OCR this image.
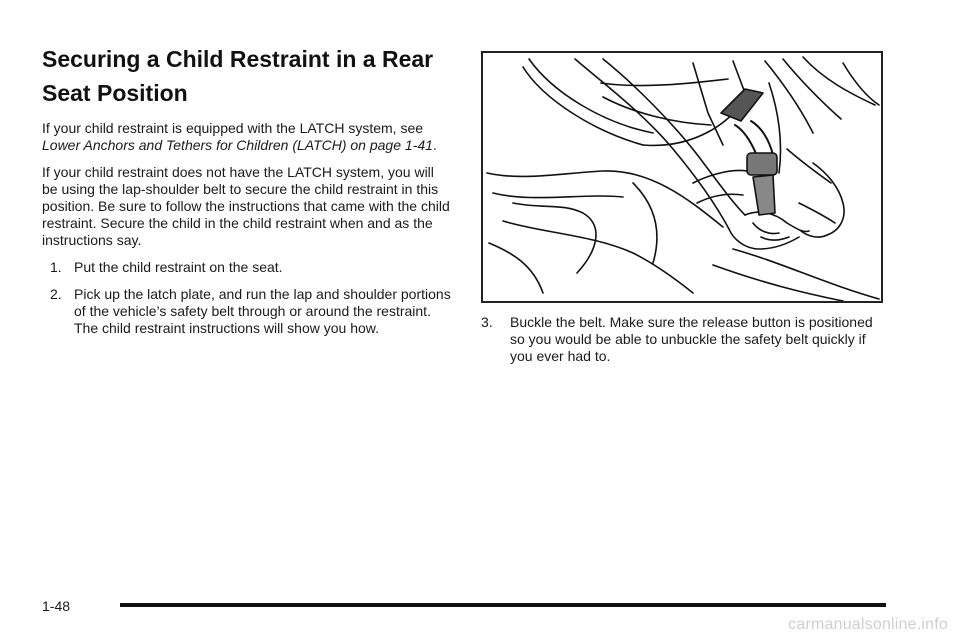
Securing a Child Restraint in a Rear Seat Position

If your child restraint is equipped with the LATCH system, see Lower Anchors and Tethers for Children (LATCH) on page 1-41.

If your child restraint does not have the LATCH system, you will be using the lap-shoulder belt to secure the child restraint in this position. Be sure to follow the instructions that came with the child restraint. Secure the child in the child restraint when and as the instructions say.

1. Put the child restraint on the seat.
2. Pick up the latch plate, and run the lap and shoulder portions of the vehicle’s safety belt through or around the restraint. The child restraint instructions will show you how.	3. Buckle the belt. Make sure the release button is positioned so you would be able to unbuckle the safety belt quickly if you ever had to.
1-48
carmanualsonline.info
